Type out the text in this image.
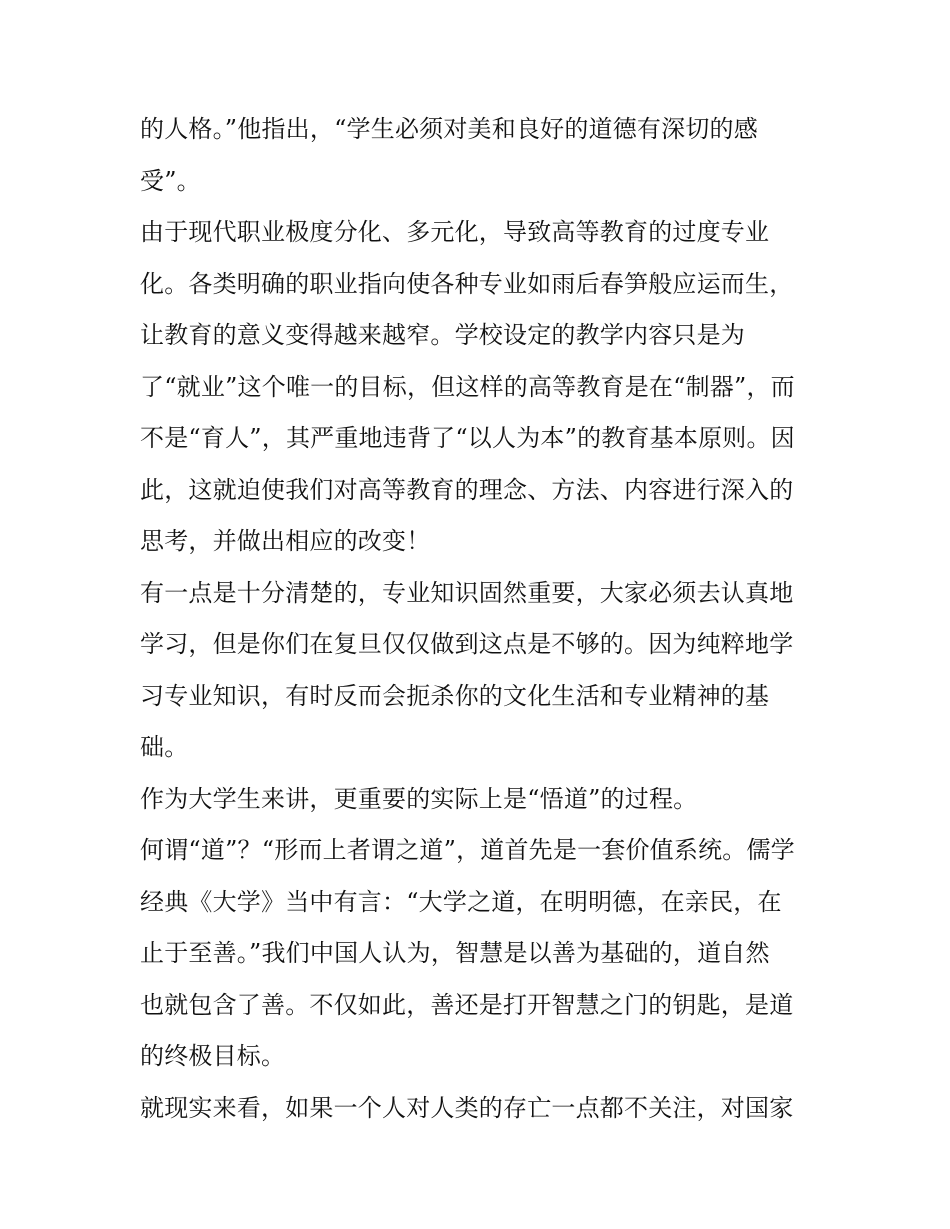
的人格。”他指出，“学生必须对美和良好的道德有深切的感
受”。
由于现代职业极度分化、多元化，导致高等教育的过度专业
化。各类明确的职业指向使各种专业如雨后春笋般应运而生，
让教育的意义变得越来越窄。学校设定的教学内容只是为
了“就业”这个唯一的目标，但这样的高等教育是在“制器”，而
不是“育人”，其严重地违背了“以人为本”的教育基本原则。因
此，这就迫使我们对高等教育的理念、方法、内容进行深入的
思考，并做出相应的改变！
有一点是十分清楚的，专业知识固然重要，大家必须去认真地
学习，但是你们在复旦仅仅做到这点是不够的。因为纯粹地学
习专业知识，有时反而会扼杀你的文化生活和专业精神的基
础。
作为大学生来讲，更重要的实际上是“悟道”的过程。
何谓“道”？“形而上者谓之道”，道首先是一套价值系统。儒学
经典《大学》当中有言：“大学之道，在明明德，在亲民，在
止于至善。”我们中国人认为，智慧是以善为基础的，道自然
也就包含了善。不仅如此，善还是打开智慧之门的钥匙，是道
的终极目标。
就现实来看，如果一个人对人类的存亡一点都不关注，对国家
